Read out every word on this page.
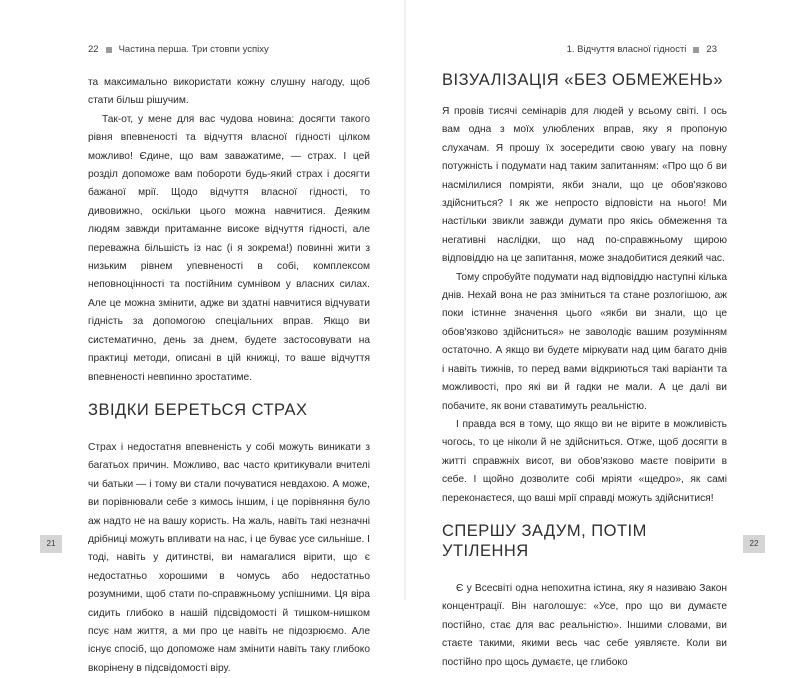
22 Частина перша. Три стовпи успіху

та максимально використати кожну слушну нагоду, щоб стати більш рішучим.

Так-от, у мене для вас чудова новина: досягти такого рівня впевненості та відчуття власної гідності цілком можливо! Єдине, що вам заважатиме, — страх. І цей розділ допоможе вам побороти будь-який страх і досягти бажаної мрії. Щодо відчуття власної гідності, то дивовижно, оскільки цього можна навчитися. Деяким людям завжди притаманне високе відчуття гідності, але переважна більшість із нас (і я зокрема!) повинні жити з низьким рівнем упевненості в собі, комплексом неповноцінності та постійним сумнівом у власних силах. Але це можна змінити, адже ви здатні навчитися відчувати гідність за допомогою спеціальних вправ. Якщо ви систематично, день за днем, будете застосовувати на практиці методи, описані в цій книжці, то ваше відчуття впевненості невпинно зростатиме.

ЗВІДКИ БЕРЕТЬСЯ СТРАХ

Страх і недостатня впевненість у собі можуть виникати з багатьох причин. Можливо, вас часто критикували вчителі чи батьки — і тому ви стали почуватися невдахою. А може, ви порівнювали себе з кимось іншим, і це порівняння було аж надто не на вашу користь. На жаль, навіть такі незначні дрібниці можуть впливати на нас, і це буває усе сильніше. І тоді, навіть у дитинстві, ви намагалися вірити, що є недостатньо хорошими в чомусь або недостатньо розумними, щоб стати по-справжньому успішними. Ця віра сидить глибоко в нашій підсвідомості й тишком-нишком псує нам життя, а ми про це навіть не підозрюємо. Але існує спосіб, що допоможе нам змінити навіть таку глибоко вкорінену в підсвідомості віру.

21
1. Відчуття власної гідності 23
ВІЗУАЛІЗАЦІЯ «БЕЗ ОБМЕЖЕНЬ»

Я провів тисячі семінарів для людей у всьому світі. І ось вам одна з моїх улюблених вправ, яку я пропоную слухачам. Я прошу їх зосередити свою увагу на повну потужність і подумати над таким запитанням: «Про що б ви насмілилися помріяти, якби знали, що це обов'язково здійсниться? І як же непросто відповісти на нього! Ми настільки звикли завжди думати про якісь обмеження та негативні наслідки, що над по-справжньому щирою відповіддю на це запитання, може знадобитися деякий час.

Тому спробуйте подумати над відповіддю наступні кілька днів. Нехай вона не раз зміниться та стане розлогішою, аж поки істинне значення цього «якби ви знали, що це обов'язково здійсниться» не заволодіє вашим розумінням остаточно. А якщо ви будете міркувати над цим багато днів і навіть тижнів, то перед вами відкриються такі варіанти та можливості, про які ви й гадки не мали. А це далі ви побачите, як вони ставатимуть реальністю.

І правда вся в тому, що якщо ви не вірите в можливість чогось, то це ніколи й не здійсниться. Отже, щоб досягти в житті справжніх висот, ви обов'язково маєте повірити в себе. І щойно дозволите собі мріяти «щедро», як самі переконаєтеся, що ваші мрії справді можуть здійснитися!

СПЕРШУ ЗАДУМ, ПОТІМ УТІЛЕННЯ

Є у Всесвіті одна непохитна істина, яку я називаю Закон концентрації. Він наголошує: «Усе, про що ви думаєте постійно, стає для вас реальністю». Іншими словами, ви стаєте такими, якими весь час себе уявляєте. Коли ви постійно про щось думаєте, це глибоко

22
